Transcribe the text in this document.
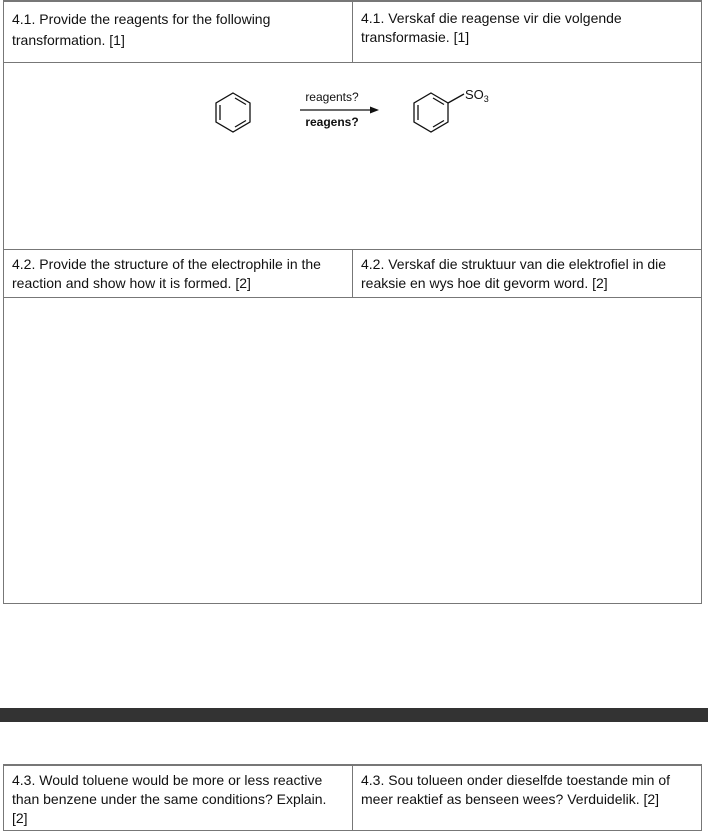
4.1. Provide the reagents for the following transformation. [1]
4.1. Verskaf die reagense vir die volgende transformasie. [1]
reagents?
reagens?
$SO_3$
4.2. Provide the structure of the electrophile in the reaction and show how it is formed. [2]
4.2. Verskaf die struktuur van die elektrofiel in die reaksie en wys hoe dit gevorm word. [2]
4.3. Would toluene would be more or less reactive than benzene under the same conditions? Explain. [2]
4.3. Sou tolueen onder dieselfde toestande min of meer reaktief as benseen wees? Verduidelik. [2]
